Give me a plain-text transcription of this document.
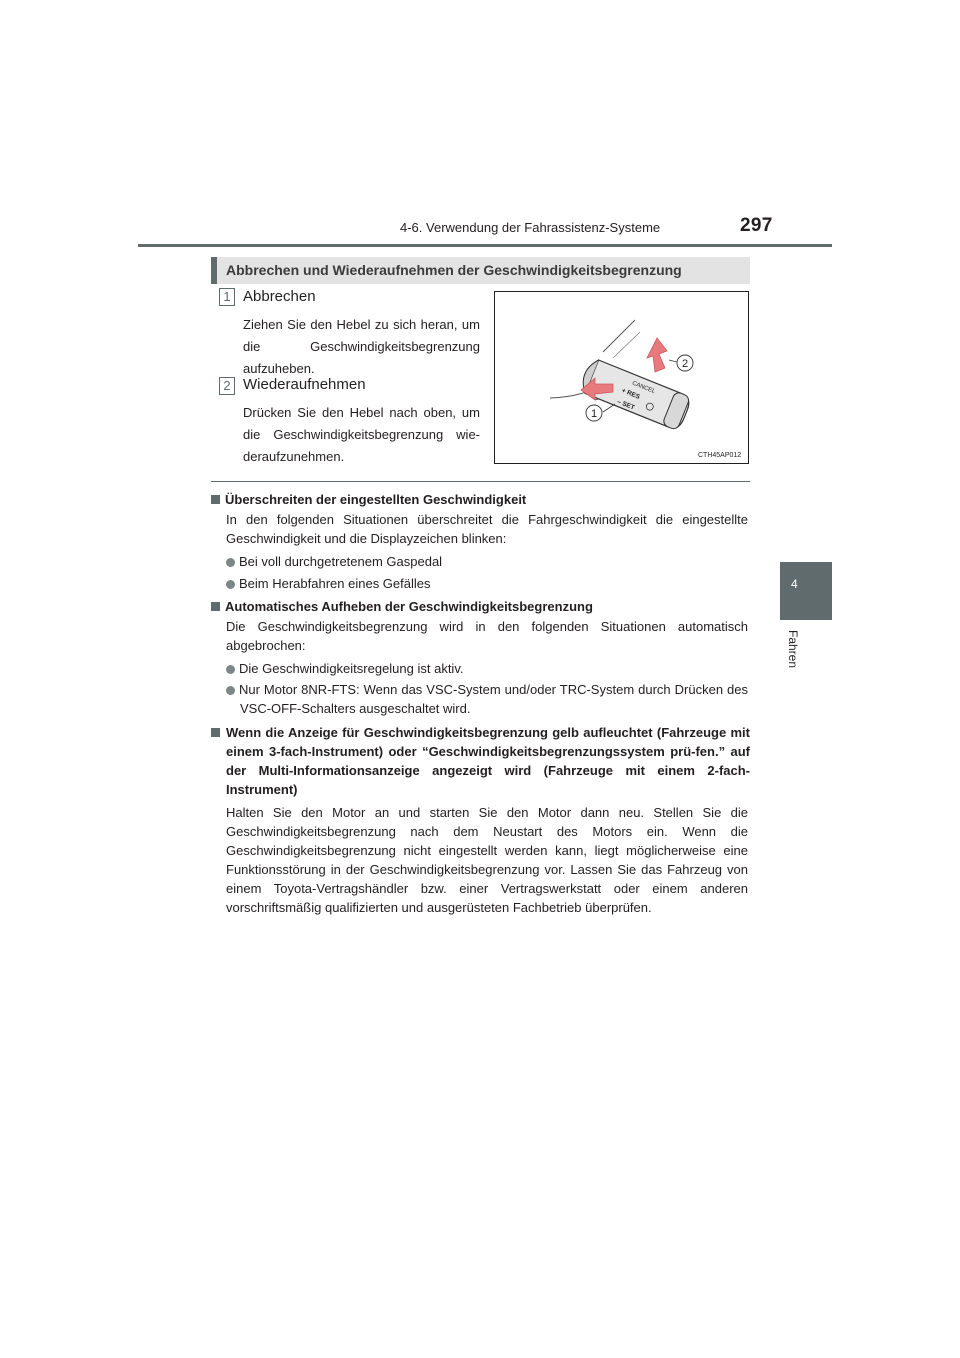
4-6. Verwendung der Fahrassistenz-Systeme	297
4
Fahren
Abbrechen und Wiederaufnehmen der Geschwindigkeitsbegrenzung
1 Abbrechen
Ziehen Sie den Hebel zu sich heran, um die Geschwindigkeitsbegrenzung aufzuheben.
2 Wiederaufnehmen
Drücken Sie den Hebel nach oben, um die Geschwindigkeitsbegrenzung wie-deraufzunehmen.
CANCEL
+ RES
– SET
1
2
CTH45AP012
Überschreiten der eingestellten Geschwindigkeit
In den folgenden Situationen überschreitet die Fahrgeschwindigkeit die eingestellte Geschwindigkeit und die Displayzeichen blinken:
Bei voll durchgetretenem Gaspedal
Beim Herabfahren eines Gefälles
Automatisches Aufheben der Geschwindigkeitsbegrenzung
Die Geschwindigkeitsbegrenzung wird in den folgenden Situationen automatisch abgebrochen:
Die Geschwindigkeitsregelung ist aktiv.
Nur Motor 8NR-FTS: Wenn das VSC-System und/oder TRC-System durch Drücken des VSC-OFF-Schalters ausgeschaltet wird.
Wenn die Anzeige für Geschwindigkeitsbegrenzung gelb aufleuchtet (Fahrzeuge mit einem 3-fach-Instrument) oder “Geschwindigkeitsbegrenzungssystem prü-fen.” auf der Multi-Informationsanzeige angezeigt wird (Fahrzeuge mit einem 2-fach-Instrument)
Halten Sie den Motor an und starten Sie den Motor dann neu. Stellen Sie die Geschwindigkeitsbegrenzung nach dem Neustart des Motors ein. Wenn die Geschwindigkeitsbegrenzung nicht eingestellt werden kann, liegt möglicherweise eine Funktionsstörung in der Geschwindigkeitsbegrenzung vor. Lassen Sie das Fahrzeug von einem Toyota-Vertragshändler bzw. einer Vertragswerkstatt oder einem anderen vorschriftsmäßig qualifizierten und ausgerüsteten Fachbetrieb überprüfen.
